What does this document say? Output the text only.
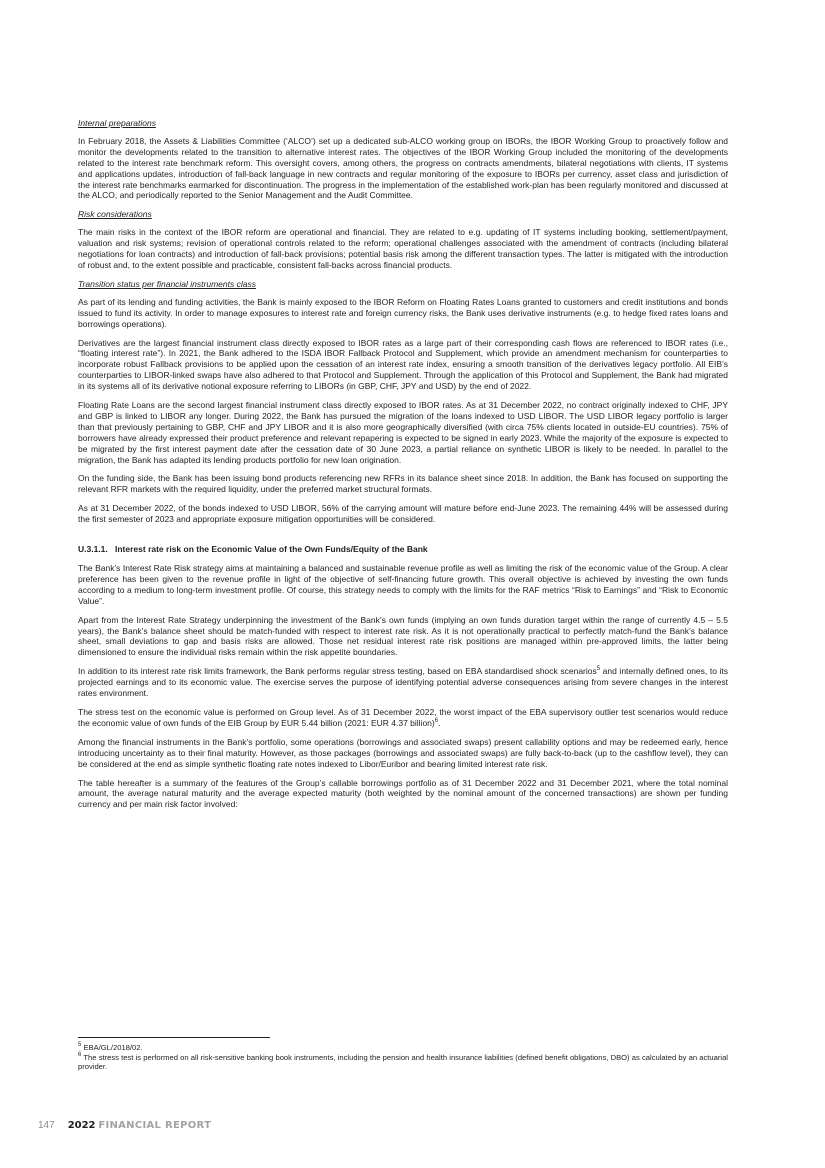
Internal preparations

In February 2018, the Assets & Liabilities Committee (‘ALCO’) set up a dedicated sub-ALCO working group on IBORs, the IBOR Working Group to proactively follow and monitor the developments related to the transition to alternative interest rates. The objectives of the IBOR Working Group included the monitoring of the developments related to the interest rate benchmark reform. This oversight covers, among others, the progress on contracts amendments, bilateral negotiations with clients, IT systems and applications updates, introduction of fall-back language in new contracts and regular monitoring of the exposure to IBORs per currency, asset class and jurisdiction of the interest rate benchmarks earmarked for discontinuation. The progress in the implementation of the established work-plan has been regularly monitored and discussed at the ALCO, and periodically reported to the Senior Management and the Audit Committee.

Risk considerations

The main risks in the context of the IBOR reform are operational and financial. They are related to e.g. updating of IT systems including booking, settlement/payment, valuation and risk systems; revision of operational controls related to the reform; operational challenges associated with the amendment of contracts (including bilateral negotiations for loan contracts) and introduction of fall-back provisions; potential basis risk among the different transaction types. The latter is mitigated with the introduction of robust and, to the extent possible and practicable, consistent fall-backs across financial products.

Transition status per financial instruments class

As part of its lending and funding activities, the Bank is mainly exposed to the IBOR Reform on Floating Rates Loans granted to customers and credit institutions and bonds issued to fund its activity. In order to manage exposures to interest rate and foreign currency risks, the Bank uses derivative instruments (e.g. to hedge fixed rates loans and borrowings operations).

Derivatives are the largest financial instrument class directly exposed to IBOR rates as a large part of their corresponding cash flows are referenced to IBOR rates (i.e., “floating interest rate”). In 2021, the Bank adhered to the ISDA IBOR Fallback Protocol and Supplement, which provide an amendment mechanism for counterparties to incorporate robust Fallback provisions to be applied upon the cessation of an interest rate index, ensuring a smooth transition of the derivatives legacy portfolio. All EIB’s counterparties to LIBOR-linked swaps have also adhered to that Protocol and Supplement. Through the application of this Protocol and Supplement, the Bank had migrated in its systems all of its derivative notional exposure referring to LIBORs (in GBP, CHF, JPY and USD) by the end of 2022.

Floating Rate Loans are the second largest financial instrument class directly exposed to IBOR rates. As at 31 December 2022, no contract originally indexed to CHF, JPY and GBP is linked to LIBOR any longer. During 2022, the Bank has pursued the migration of the loans indexed to USD LIBOR. The USD LIBOR legacy portfolio is larger than that previously pertaining to GBP, CHF and JPY LIBOR and it is also more geographically diversified (with circa 75% clients located in outside-EU countries). 75% of borrowers have already expressed their product preference and relevant repapering is expected to be signed in early 2023. While the majority of the exposure is expected to be migrated by the first interest payment date after the cessation date of 30 June 2023, a partial reliance on synthetic LIBOR is likely to be needed. In parallel to the migration, the Bank has adapted its lending products portfolio for new loan origination.

On the funding side, the Bank has been issuing bond products referencing new RFRs in its balance sheet since 2018. In addition, the Bank has focused on supporting the relevant RFR markets with the required liquidity, under the preferred market structural formats.

As at 31 December 2022, of the bonds indexed to USD LIBOR, 56% of the carrying amount will mature before end-June 2023. The remaining 44% will be assessed during the first semester of 2023 and appropriate exposure mitigation opportunities will be considered.

U.3.1.1. Interest rate risk on the Economic Value of the Own Funds/Equity of the Bank

The Bank’s Interest Rate Risk strategy aims at maintaining a balanced and sustainable revenue profile as well as limiting the risk of the economic value of the Group. A clear preference has been given to the revenue profile in light of the objective of self-financing future growth. This overall objective is achieved by investing the own funds according to a medium to long-term investment profile. Of course, this strategy needs to comply with the limits for the RAF metrics “Risk to Earnings” and “Risk to Economic Value”.

Apart from the Interest Rate Strategy underpinning the investment of the Bank’s own funds (implying an own funds duration target within the range of currently 4.5 – 5.5 years), the Bank’s balance sheet should be match-funded with respect to interest rate risk. As it is not operationally practical to perfectly match-fund the Bank’s balance sheet, small deviations to gap and basis risks are allowed. Those net residual interest rate risk positions are managed within pre-approved limits, the latter being dimensioned to ensure the individual risks remain within the risk appetite boundaries.

In addition to its interest rate risk limits framework, the Bank performs regular stress testing, based on EBA standardised shock scenarios$^5$ and internally defined ones, to its projected earnings and to its economic value. The exercise serves the purpose of identifying potential adverse consequences arising from severe changes in the interest rates environment.

The stress test on the economic value is performed on Group level. As of 31 December 2022, the worst impact of the EBA supervisory outlier test scenarios would reduce the economic value of own funds of the EIB Group by EUR 5.44 billion (2021: EUR 4.37 billion)$^6$.

Among the financial instruments in the Bank’s portfolio, some operations (borrowings and associated swaps) present callability options and may be redeemed early, hence introducing uncertainty as to their final maturity. However, as those packages (borrowings and associated swaps) are fully back-to-back (up to the cashflow level), they can be considered at the end as simple synthetic floating rate notes indexed to Libor/Euribor and bearing limited interest rate risk.

The table hereafter is a summary of the features of the Group’s callable borrowings portfolio as of 31 December 2022 and 31 December 2021, where the total nominal amount, the average natural maturity and the average expected maturity (both weighted by the nominal amount of the concerned transactions) are shown per funding currency and per main risk factor involved:

$^5$ EBA/GL/2018/02.
$^6$ The stress test is performed on all risk-sensitive banking book instruments, including the pension and health insurance liabilities (defined benefit obligations, DBO) as calculated by an actuarial provider.
147 2022 FINANCIAL REPORT
